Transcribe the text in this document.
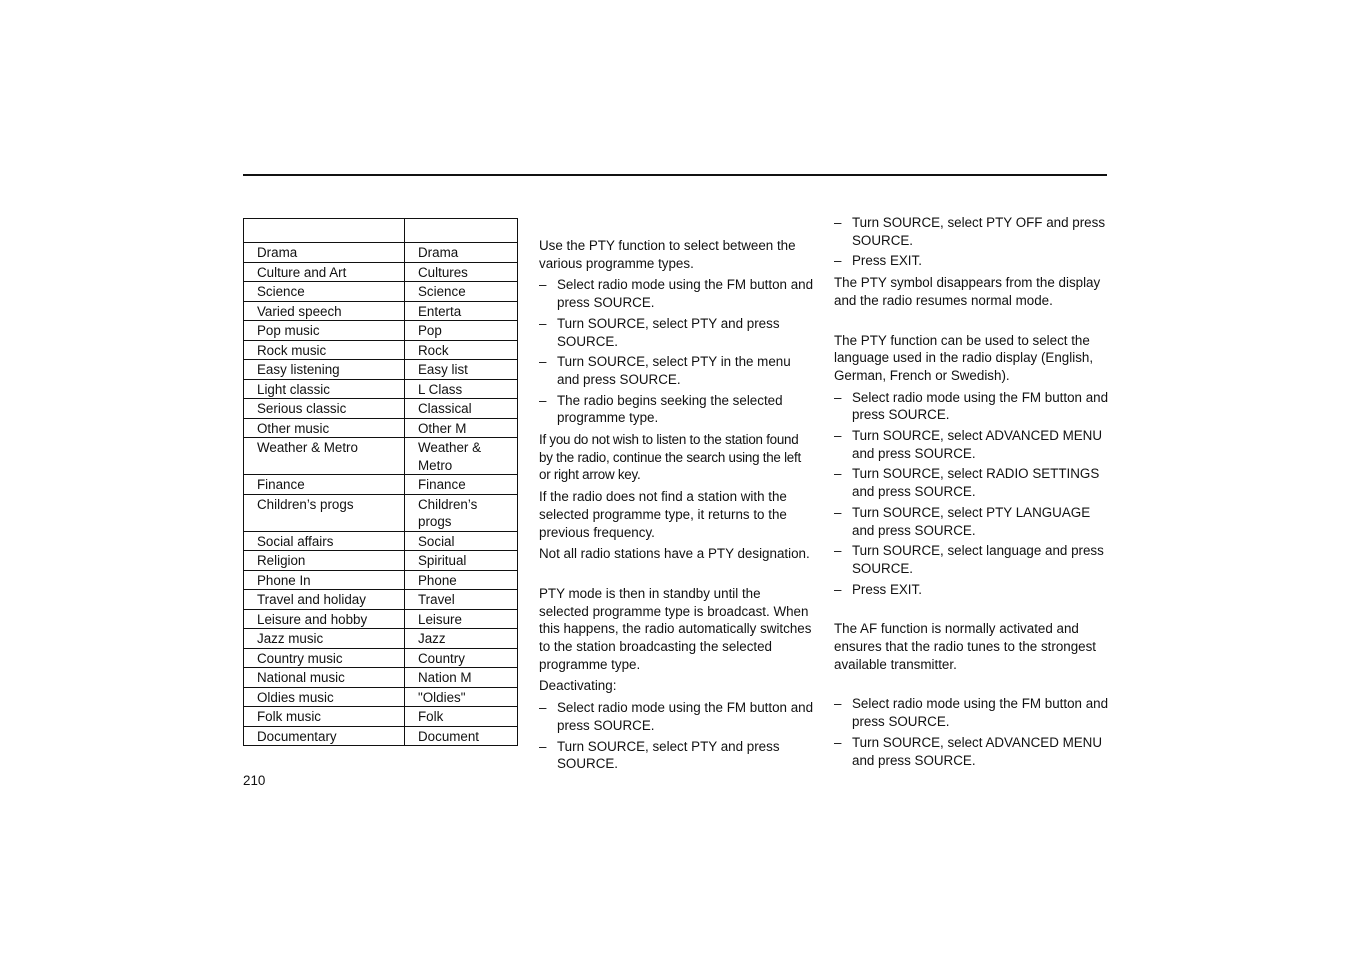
Drama	Drama
Culture and Art	Cultures
Science	Science
Varied speech	Enterta
Pop music	Pop
Rock music	Rock
Easy listening	Easy list
Light classic	L Class
Serious classic	Classical
Other music	Other M
Weather & Metro	Weather & Metro
Finance	Finance
Children’s progs	Children’s progs
Social affairs	Social
Religion	Spiritual
Phone In	Phone
Travel and holiday	Travel
Leisure and hobby	Leisure
Jazz music	Jazz
Country music	Country
National music	Nation M
Oldies music	"Oldies"
Folk music	Folk
Documentary	Document

Use the PTY function to select between the various programme types.

– Select radio mode using the FM button and press SOURCE.
– Turn SOURCE, select PTY and press SOURCE.
– Turn SOURCE, select PTY in the menu and press SOURCE.
– The radio begins seeking the selected programme type.

If you do not wish to listen to the station found by the radio, continue the search using the left or right arrow key.

If the radio does not find a station with the selected programme type, it returns to the previous frequency.

Not all radio stations have a PTY designation.

PTY mode is then in standby until the selected programme type is broadcast. When this happens, the radio automatically switches to the station broadcasting the selected programme type.

Deactivating:

– Select radio mode using the FM button and press SOURCE.
– Turn SOURCE, select PTY and press SOURCE.
– Turn SOURCE, select PTY OFF and press SOURCE.
– Press EXIT.

The PTY symbol disappears from the display and the radio resumes normal mode.

The PTY function can be used to select the language used in the radio display (English, German, French or Swedish).

– Select radio mode using the FM button and press SOURCE.
– Turn SOURCE, select ADVANCED MENU and press SOURCE.
– Turn SOURCE, select RADIO SETTINGS and press SOURCE.
– Turn SOURCE, select PTY LANGUAGE and press SOURCE.
– Turn SOURCE, select language and press SOURCE.
– Press EXIT.

The AF function is normally activated and ensures that the radio tunes to the strongest available transmitter.

– Select radio mode using the FM button and press SOURCE.
– Turn SOURCE, select ADVANCED MENU and press SOURCE.
210
